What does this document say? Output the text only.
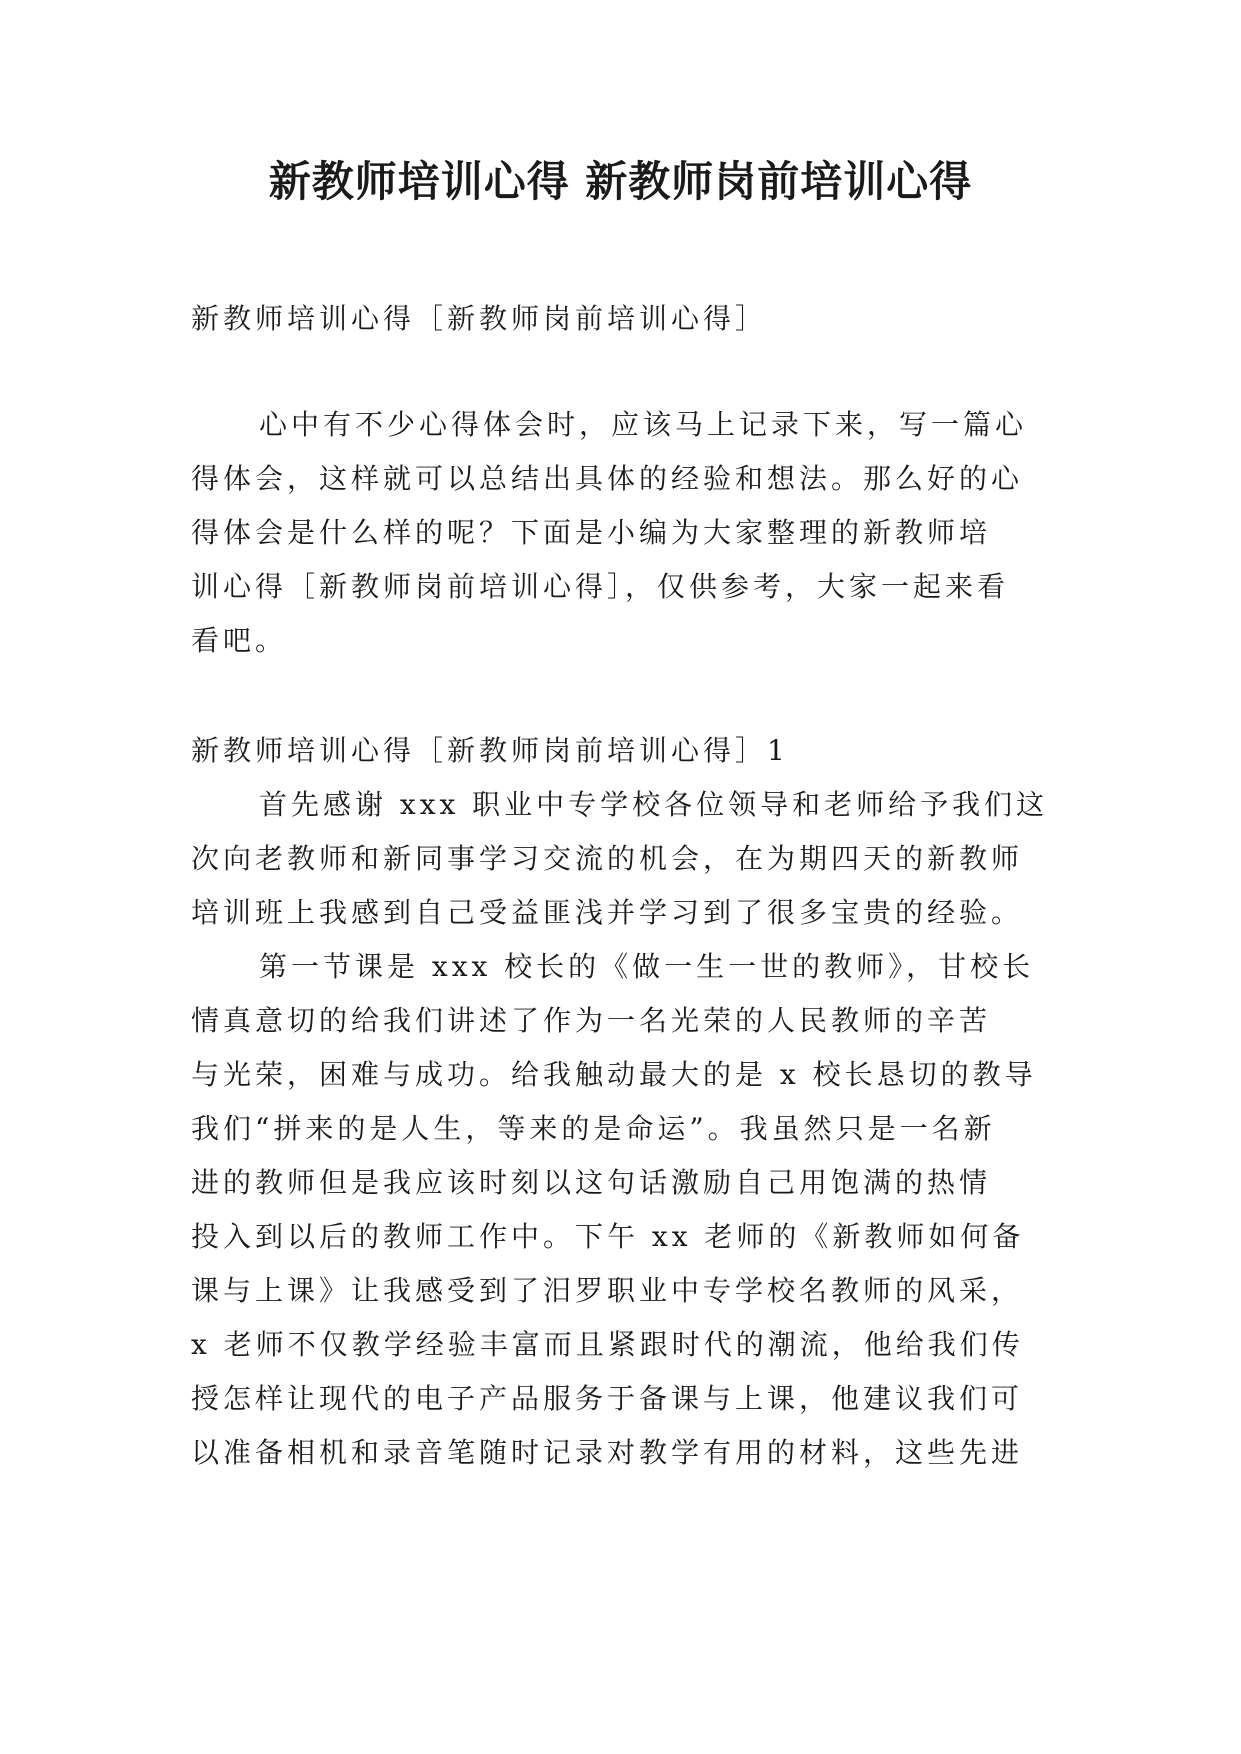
新教师培训心得 新教师岗前培训心得

新教师培训心得［新教师岗前培训心得］

心中有不少心得体会时，应该马上记录下来，写一篇心

得体会，这样就可以总结出具体的经验和想法。那么好的心

得体会是什么样的呢？下面是小编为大家整理的新教师培

训心得［新教师岗前培训心得］，仅供参考，大家一起来看

看吧。

新教师培训心得［新教师岗前培训心得］1

首先感谢 xxx 职业中专学校各位领导和老师给予我们这

次向老教师和新同事学习交流的机会，在为期四天的新教师

培训班上我感到自己受益匪浅并学习到了很多宝贵的经验。

第一节课是 xxx 校长的《做一生一世的教师》，甘校长

情真意切的给我们讲述了作为一名光荣的人民教师的辛苦

与光荣，困难与成功。给我触动最大的是 x 校长恳切的教导

我们“拼来的是人生，等来的是命运”。我虽然只是一名新

进的教师但是我应该时刻以这句话激励自己用饱满的热情

投入到以后的教师工作中。下午 xx 老师的《新教师如何备

课与上课》让我感受到了汨罗职业中专学校名教师的风采，

x 老师不仅教学经验丰富而且紧跟时代的潮流，他给我们传

授怎样让现代的电子产品服务于备课与上课，他建议我们可

以准备相机和录音笔随时记录对教学有用的材料，这些先进
